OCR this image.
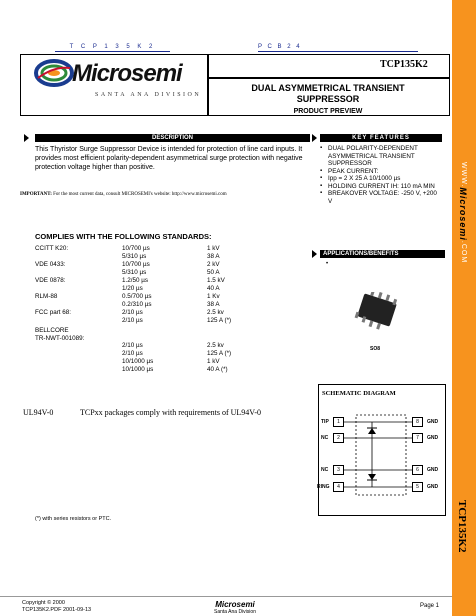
T C P 1 3 5 K 2	P C B 2 4
Microsemi
SANTA ANA DIVISION
TCP135K2
DUAL ASYMMETRICAL TRANSIENT
SUPPRESSOR
PRODUCT PREVIEW
DESCRIPTION
This Thyristor Surge Suppressor Device is intended for protection of line card inputs. It provides most efficient polarity-dependent asymmetrical surge protection with negative protection voltage higher than positive.
IMPORTANT: For the most current data, consult MICROSEMI's website: http://www.microsemi.com
KEY FEATURES
▪ DUAL POLARITY-DEPENDENT ASYMMETRICAL TRANSIENT SUPPRESSOR
▪ PEAK CURRENT:
▪ Ipp = 2 X 25 A 10/1000 µs
▪ HOLDING CURRENT IH: 110 mA MIN
▪ BREAKOVER VOLTAGE: -250 V, +200 V
APPLICATIONS/BENEFITS
•
SO8
COMPLIES WITH THE FOLLOWING STANDARDS:
CCITT K20:	10/700 µs	1 kV
5/310 µs	38 A
VDE 0433:	10/700 µs	2 kV
5/310 µs	50 A
VDE 0878:	1.2/50 µs	1.5 kV
1/20 µs	40 A
RLM-88	0.5/700 µs	1 Kv
0.2/310 µs	38 A
FCC part 68:	2/10 µs	2.5 kv
2/10 µs	125 A (*)
BELLCORE
TR-NWT-001089:
2/10 µs	2.5 kv
2/10 µs	125 A (*)
10/1000 µs	1 kV
10/1000 µs	40 A (*)
SCHEMATIC DIAGRAM
TIP
NC
NC
RING
1
2
3
4
8
7
6
5
GND
GND
GND
GND
UL94V-0	TCPxx packages comply with requirements of UL94V-0
(*) with series resistors or PTC.
WWW.Microsemi.COM
TCP135K2
Copyright © 2000
TCP135K2.PDF 2001-09-13
Microsemi
Santa Ana Division
Page 1
